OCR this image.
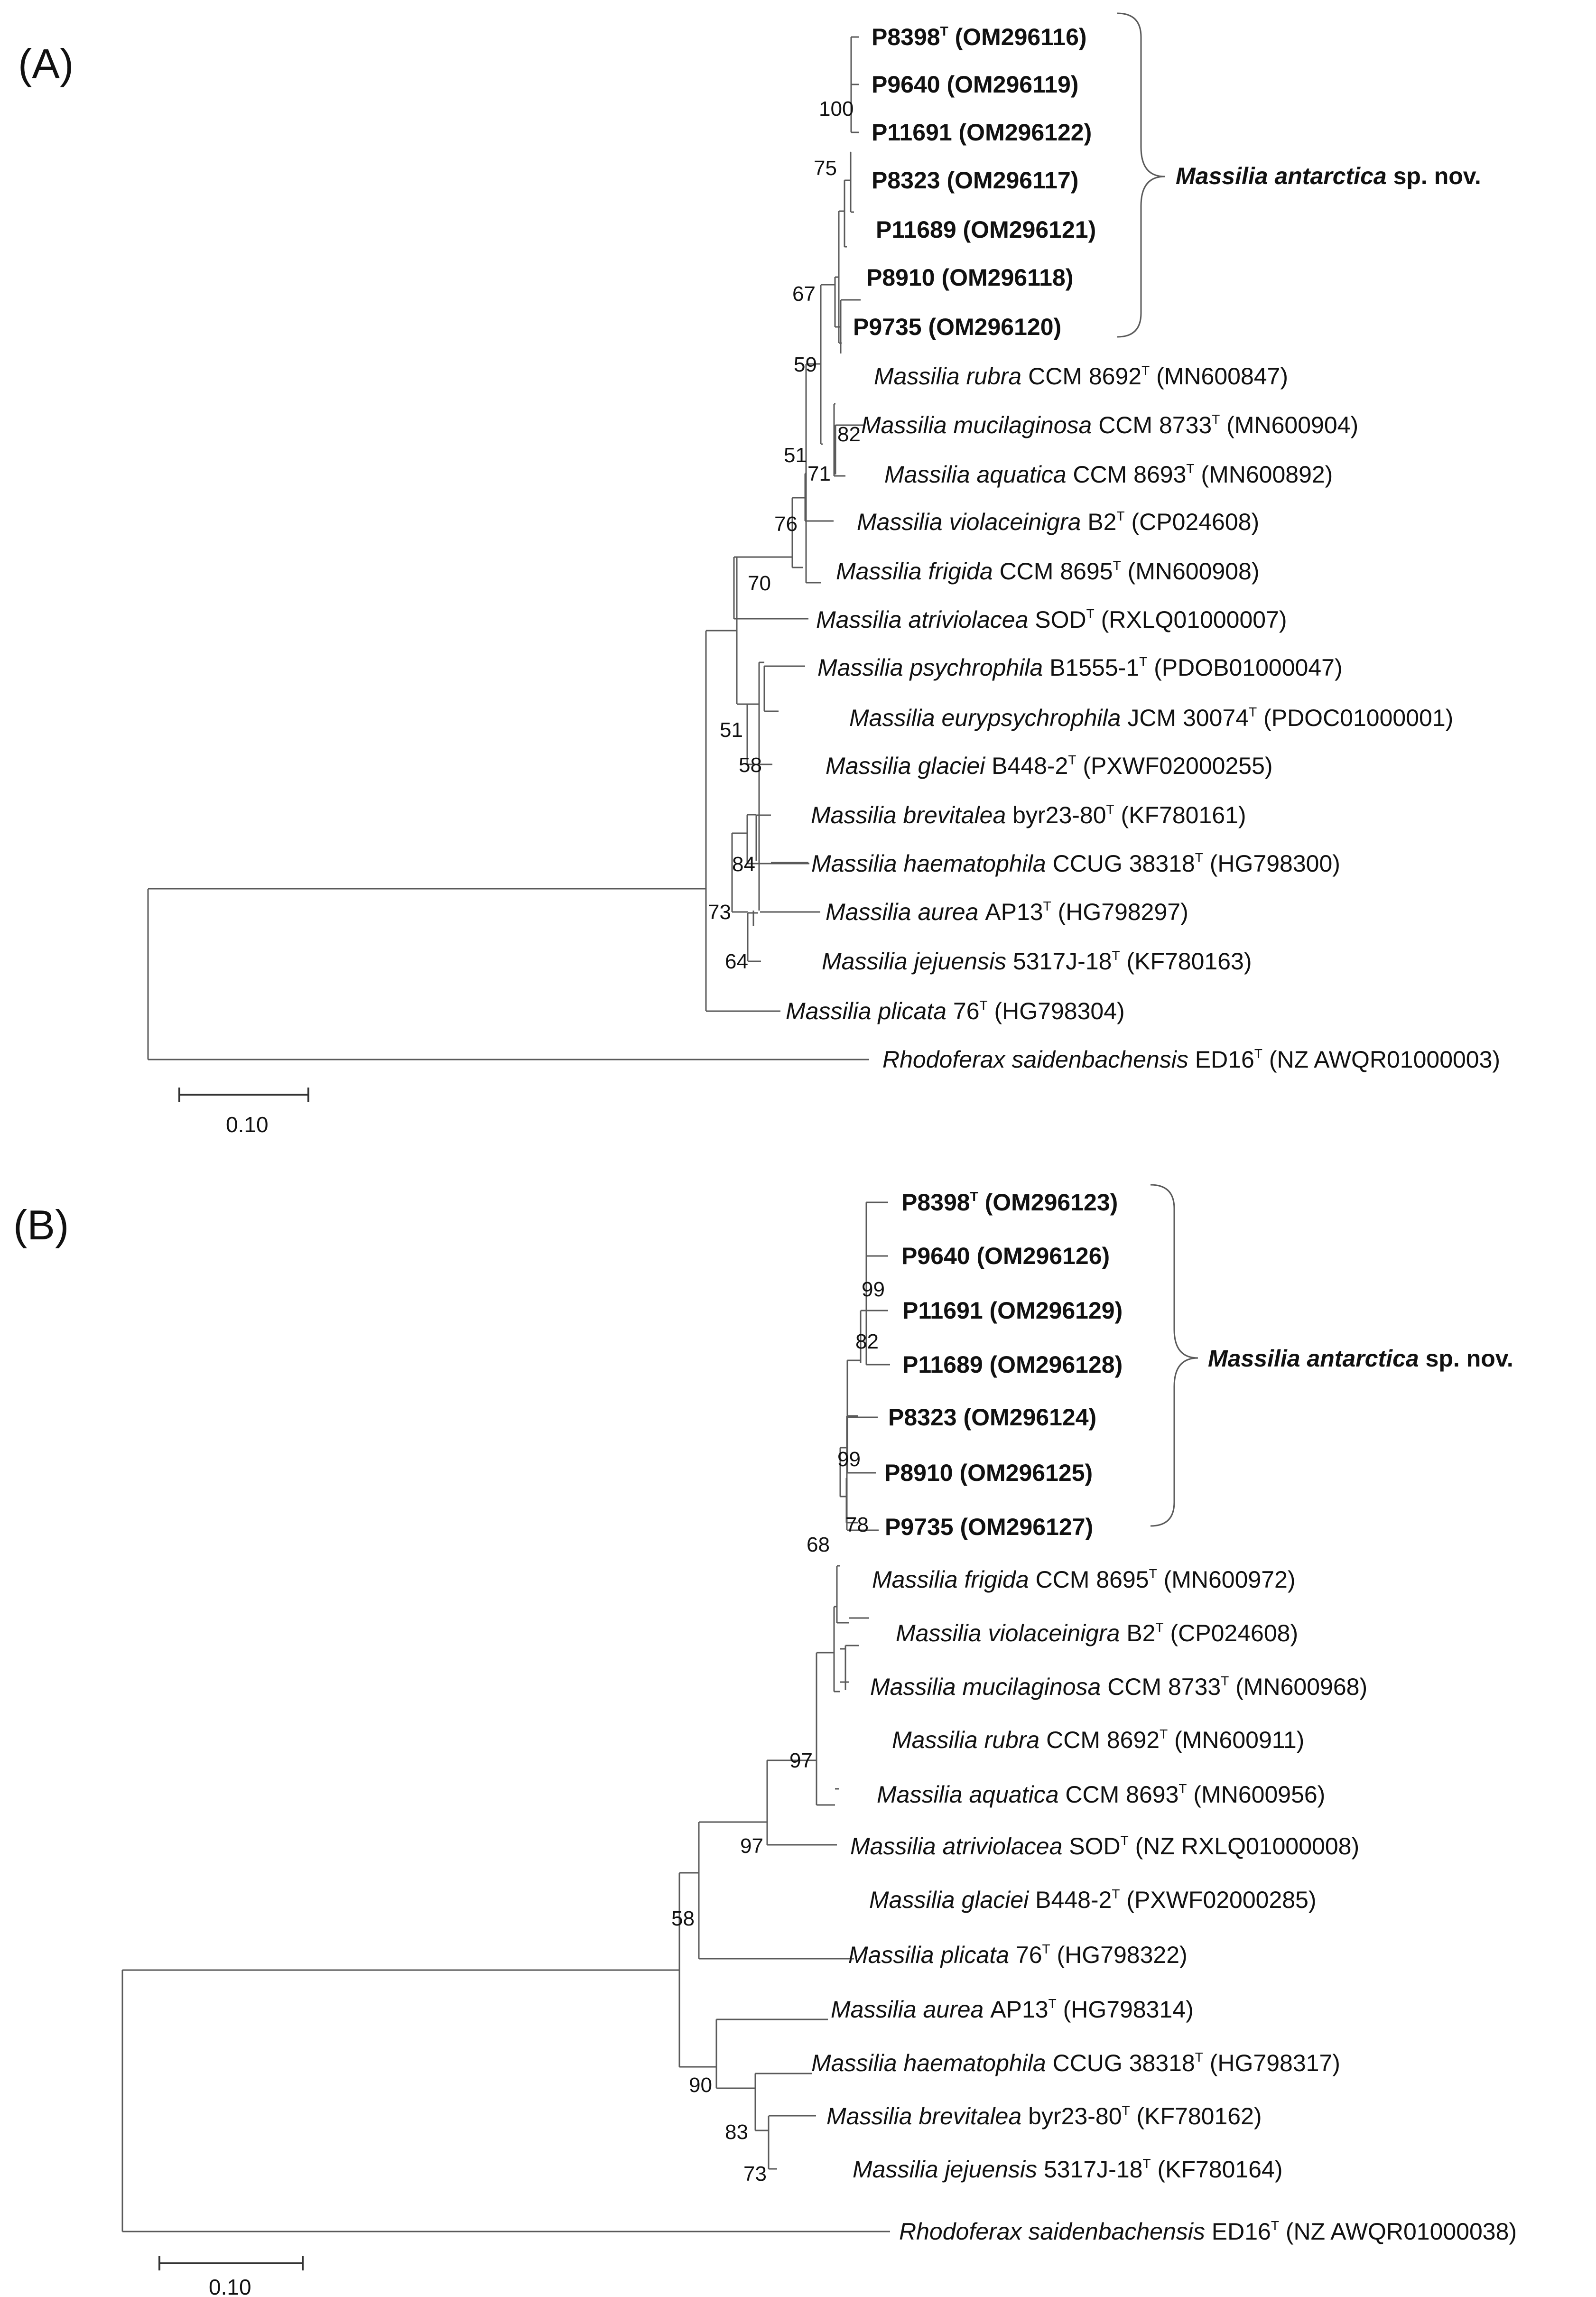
(A)
$P8398^T$ (OM296116)
P9640 (OM296119)
P11691 (OM296122)
P8323 (OM296117)
P11689 (OM296121)
P8910 (OM296118)
P9735 (OM296120)
Massilia rubra CCM $8692^T$ (MN600847)
Massilia mucilaginosa CCM $8733^T$ (MN600904)
Massilia aquatica CCM $8693^T$ (MN600892)
Massilia violaceinigra $B2^T$ (CP024608)
Massilia frigida CCM $8695^T$ (MN600908)
Massilia atriviolacea $SOD^T$ (RXLQ01000007)
Massilia psychrophila $B1555-1^T$ (PDOB01000047)
Massilia eurypsychrophila JCM $30074^T$ (PDOC01000001)
Massilia glaciei $B448-2^T$ (PXWF02000255)
Massilia brevitalea $byr23-80^T$ (KF780161)
Massilia haematophila CCUG $38318^T$ (HG798300)
Massilia aurea $AP13^T$ (HG798297)
Massilia jejuensis $5317J-18^T$ (KF780163)
Massilia plicata $76^T$ (HG798304)
Rhodoferax saidenbachensis $ED16^T$ (NZ AWQR01000003)
100
75
67
59
82
51
71
76
70
51
58
84
73
64
Massilia antarctica sp. nov.
0.10
(B)	$P8398^T$ (OM296123)
P9640 (OM296126)
P11691 (OM296129)
P11689 (OM296128)
P8323 (OM296124)
P8910 (OM296125)
P9735 (OM296127)
Massilia frigida CCM $8695^T$ (MN600972)
Massilia violaceinigra $B2^T$ (CP024608)
Massilia mucilaginosa CCM $8733^T$ (MN600968)
Massilia rubra CCM $8692^T$ (MN600911)
Massilia aquatica CCM $8693^T$ (MN600956)
Massilia atriviolacea $SOD^T$ (NZ RXLQ01000008)
Massilia glaciei $B448-2^T$ (PXWF02000285)
Massilia plicata $76^T$ (HG798322)
Massilia aurea $AP13^T$ (HG798314)
Massilia haematophila CCUG $38318^T$ (HG798317)
Massilia brevitalea $byr23-80^T$ (KF780162)
Massilia jejuensis $5317J-18^T$ (KF780164)
Rhodoferax saidenbachensis $ED16^T$ (NZ AWQR01000038)
99
82
99
78
68
97
97
58
90
83
73
Massilia antarctica sp. nov.
0.10
